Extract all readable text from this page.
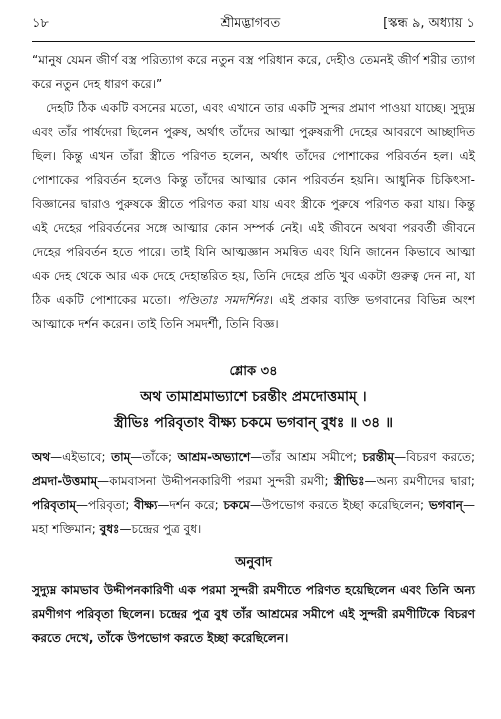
১৮	শ্রীমদ্ভাগবত	[স্কন্ধ ৯, অধ্যায় ১

“মানুষ যেমন জীর্ণ বস্ত্র পরিত্যাগ করে নতুন বস্ত্র পরিধান করে, দেহীও তেমনই জীর্ণ শরীর ত্যাগ করে নতুন দেহ ধারণ করে।”

দেহটি ঠিক একটি বসনের মতো, এবং এখানে তার একটি সুন্দর প্রমাণ পাওয়া যাচ্ছে। সুদ্যুম্ন এবং তাঁর পার্ষদেরা ছিলেন পুরুষ, অর্থাৎ তাঁদের আত্মা পুরুষরূপী দেহের আবরণে আচ্ছাদিত ছিল। কিন্তু এখন তাঁরা স্ত্রীতে পরিণত হলেন, অর্থাৎ তাঁদের পোশাকের পরিবর্তন হল। এই পোশাকের পরিবর্তন হলেও কিন্তু তাঁদের আত্মার কোন পরিবর্তন হয়নি। আধুনিক চিকিৎসা-বিজ্ঞানের দ্বারাও পুরুষকে স্ত্রীতে পরিণত করা যায় এবং স্ত্রীকে পুরুষে পরিণত করা যায়। কিন্তু এই দেহের পরিবর্তনের সঙ্গে আত্মার কোন সম্পর্ক নেই। এই জীবনে অথবা পরবর্তী জীবনে দেহের পরিবর্তন হতে পারে। তাই যিনি আত্মজ্ঞান সমন্বিত এবং যিনি জানেন কিভাবে আত্মা এক দেহ থেকে আর এক দেহে দেহান্তরিত হয়, তিনি দেহের প্রতি খুব একটা গুরুত্ব দেন না, যা ঠিক একটি পোশাকের মতো। পণ্ডিতাঃ সমদর্শিনঃ। এই প্রকার ব্যক্তি ভগবানের বিভিন্ন অংশ আত্মাকে দর্শন করেন। তাই তিনি সমদর্শী, তিনি বিজ্ঞ।

শ্লোক ৩৪

অথ তামাশ্রমাভ্যাশে চরন্তীং প্রমদোত্তমাম্ ।

স্ত্রীভিঃ পরিবৃতাং বীক্ষ্য চকমে ভগবান্ বুধঃ ॥ ৩৪ ॥

অথ—এইভাবে; তাম্—তাঁকে; আশ্রম-অভ্যাশে—তাঁর আশ্রম সমীপে; চরন্তীম্—বিচরণ করতে; প্রমদা-উত্তমাম্—কামবাসনা উদ্দীপনকারিণী পরমা সুন্দরী রমণী; স্ত্রীভিঃ—অন্য রমণীদের দ্বারা; পরিবৃতাম্—পরিবৃতা; বীক্ষ্য—দর্শন করে; চকমে—উপভোগ করতে ইচ্ছা করেছিলেন; ভগবান্—মহা শক্তিমান; বুধঃ—চন্দ্রের পুত্র বুধ।
অনুবাদ

সুদ্যুম্ন কামভাব উদ্দীপনকারিণী এক পরমা সুন্দরী রমণীতে পরিণত হয়েছিলেন এবং তিনি অন্য রমণীগণ পরিবৃতা ছিলেন। চন্দ্রের পুত্র বুধ তাঁর আশ্রমের সমীপে এই সুন্দরী রমণীটিকে বিচরণ করতে দেখে, তাঁকে উপভোগ করতে ইচ্ছা করেছিলেন।
